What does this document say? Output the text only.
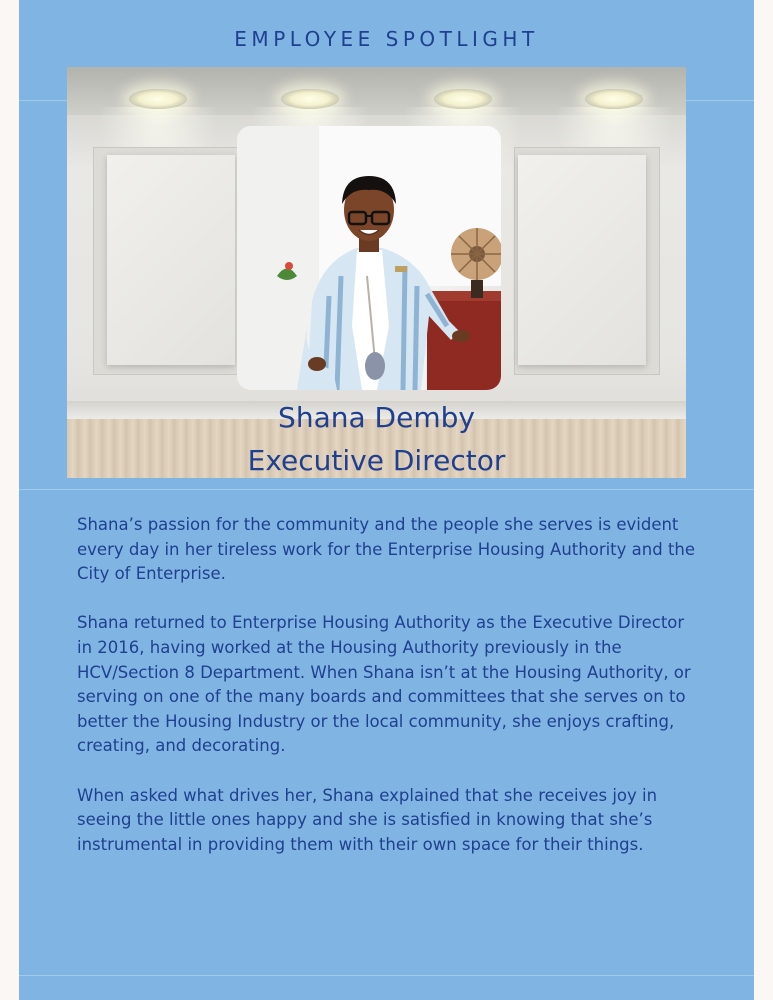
EMPLOYEE SPOTLIGHT
Shana Demby
Executive Director

Shana’s passion for the community and the people she serves is evident every day in her tireless work for the Enterprise Housing Authority and the City of Enterprise.

Shana returned to Enterprise Housing Authority as the Executive Director in 2016, having worked at the Housing Authority previously in the HCV/Section 8 Department. When Shana isn’t at the Housing Authority, or serving on one of the many boards and committees that she serves on to better the Housing Industry or the local community, she enjoys crafting, creating, and decorating.

When asked what drives her, Shana explained that she receives joy in seeing the little ones happy and she is satisfied in knowing that she’s instrumental in providing them with their own space for their things.
